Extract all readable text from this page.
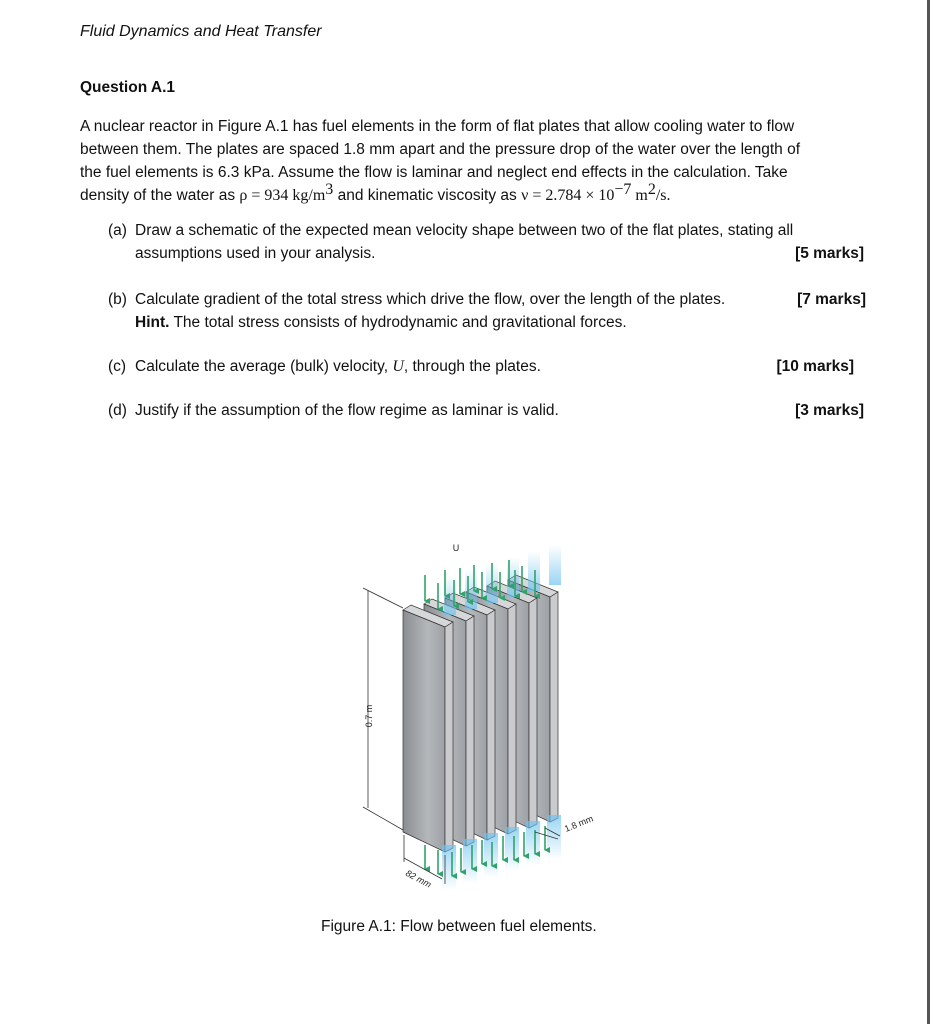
Fluid Dynamics and Heat Transfer
Question A.1
A nuclear reactor in Figure A.1 has fuel elements in the form of flat plates that allow cooling water to flow
between them. The plates are spaced 1.8 mm apart and the pressure drop of the water over the length of
the fuel elements is 6.3 kPa. Assume the flow is laminar and neglect end effects in the calculation. Take
density of the water as ρ = 934 $kg/m^3$ and kinematic viscosity as $\nu = 2.784 \times 10^{-7}$ $m^2/s$.
(a) Draw a schematic of the expected mean velocity shape between two of the flat plates, stating all
assumptions used in your analysis.	[5 marks]
(b) Calculate gradient of the total stress which drive the flow, over the length of the plates.	[7 marks]
Hint. The total stress consists of hydrodynamic and gravitational forces.
(c) Calculate the average (bulk) velocity, U, through the plates.	[10 marks]
(d) Justify if the assumption of the flow regime as laminar is valid.	[3 marks]
0.7 m
82 mm
1.8 mm
U
Figure A.1: Flow between fuel elements.
